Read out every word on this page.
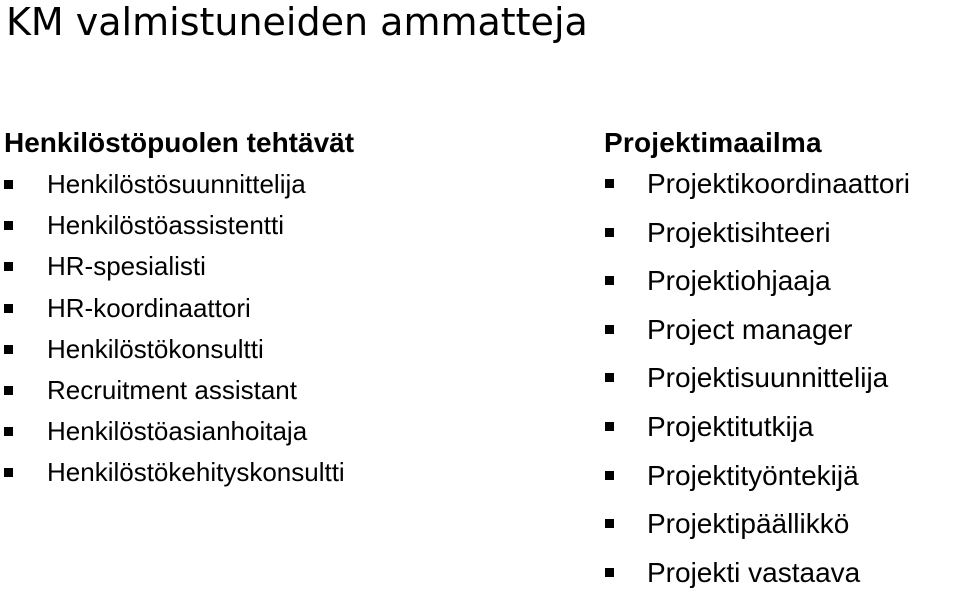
KM valmistuneiden ammatteja
Henkilöstöpuolen tehtävät
Henkilöstösuunnittelija
Henkilöstöassistentti
HR-spesialisti
HR-koordinaattori
Henkilöstökonsultti
Recruitment assistant
Henkilöstöasianhoitaja
Henkilöstökehityskonsultti
Projektimaailma
Projektikoordinaattori
Projektisihteeri
Projektiohjaaja
Project manager
Projektisuunnittelija
Projektitutkija
Projektityöntekijä
Projektipäällikkö
Projekti vastaava
